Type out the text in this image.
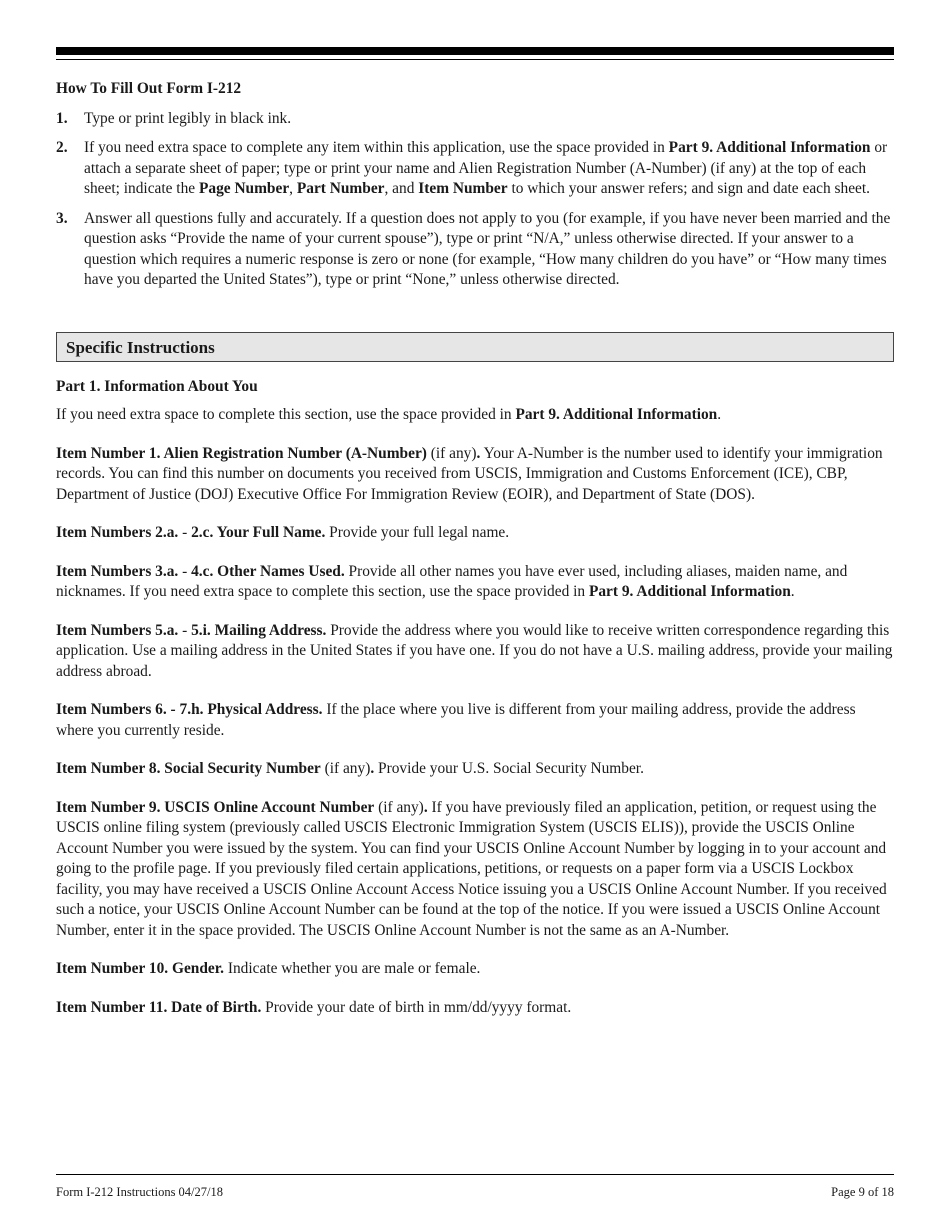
How To Fill Out Form I-212
1. Type or print legibly in black ink.
2. If you need extra space to complete any item within this application, use the space provided in Part 9. Additional Information or attach a separate sheet of paper; type or print your name and Alien Registration Number (A-Number) (if any) at the top of each sheet; indicate the Page Number, Part Number, and Item Number to which your answer refers; and sign and date each sheet.
3. Answer all questions fully and accurately. If a question does not apply to you (for example, if you have never been married and the question asks “Provide the name of your current spouse”), type or print “N/A,” unless otherwise directed. If your answer to a question which requires a numeric response is zero or none (for example, “How many children do you have” or “How many times have you departed the United States”), type or print “None,” unless otherwise directed.
Specific Instructions
Part 1. Information About You

If you need extra space to complete this section, use the space provided in Part 9. Additional Information.

Item Number 1. Alien Registration Number (A-Number) (if any). Your A-Number is the number used to identify your immigration records. You can find this number on documents you received from USCIS, Immigration and Customs Enforcement (ICE), CBP, Department of Justice (DOJ) Executive Office For Immigration Review (EOIR), and Department of State (DOS).

Item Numbers 2.a. - 2.c. Your Full Name. Provide your full legal name.

Item Numbers 3.a. - 4.c. Other Names Used. Provide all other names you have ever used, including aliases, maiden name, and nicknames. If you need extra space to complete this section, use the space provided in Part 9. Additional Information.

Item Numbers 5.a. - 5.i. Mailing Address. Provide the address where you would like to receive written correspondence regarding this application. Use a mailing address in the United States if you have one. If you do not have a U.S. mailing address, provide your mailing address abroad.

Item Numbers 6. - 7.h. Physical Address. If the place where you live is different from your mailing address, provide the address where you currently reside.

Item Number 8. Social Security Number (if any). Provide your U.S. Social Security Number.

Item Number 9. USCIS Online Account Number (if any). If you have previously filed an application, petition, or request using the USCIS online filing system (previously called USCIS Electronic Immigration System (USCIS ELIS)), provide the USCIS Online Account Number you were issued by the system. You can find your USCIS Online Account Number by logging in to your account and going to the profile page. If you previously filed certain applications, petitions, or requests on a paper form via a USCIS Lockbox facility, you may have received a USCIS Online Account Access Notice issuing you a USCIS Online Account Number. If you received such a notice, your USCIS Online Account Number can be found at the top of the notice. If you were issued a USCIS Online Account Number, enter it in the space provided. The USCIS Online Account Number is not the same as an A-Number.

Item Number 10. Gender. Indicate whether you are male or female.

Item Number 11. Date of Birth. Provide your date of birth in mm/dd/yyyy format.

Form I-212 Instructions 04/27/18	Page 9 of 18
